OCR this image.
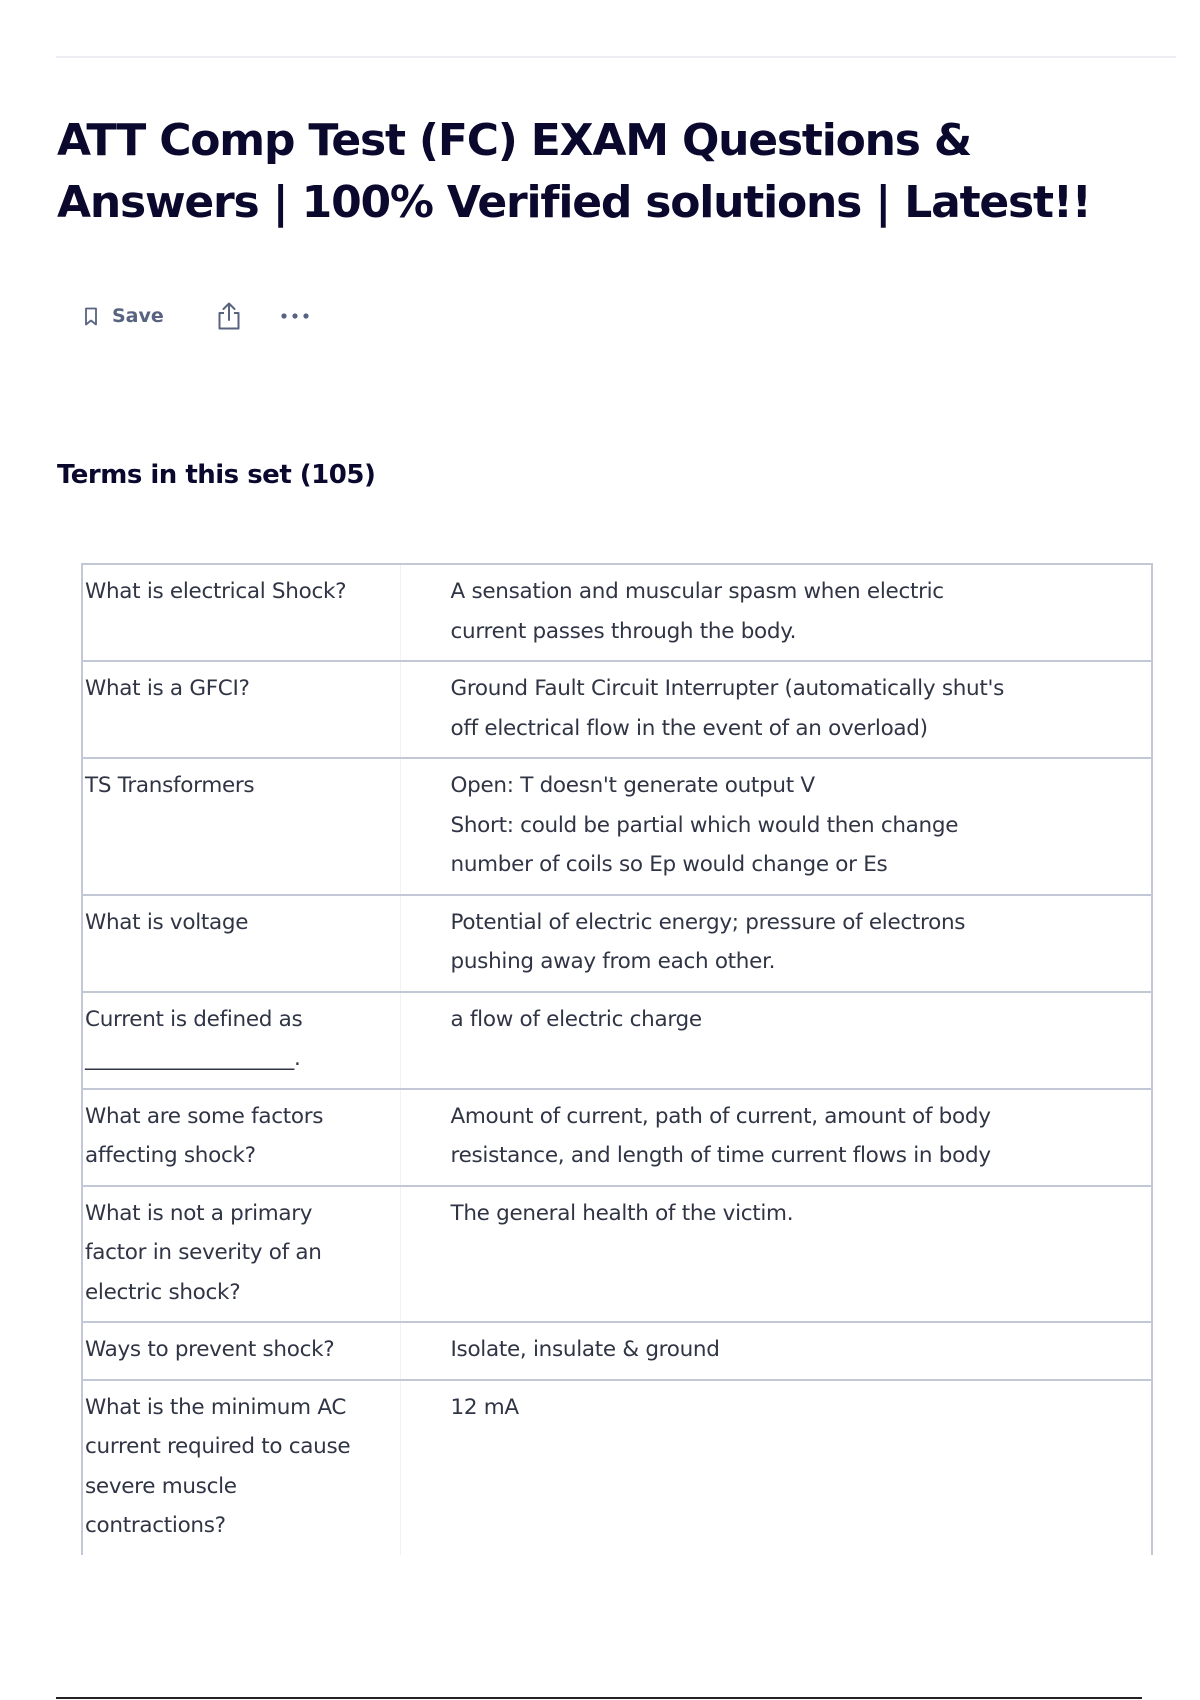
ATT Comp Test (FC) EXAM Questions & Answers | 100% Verified solutions | Latest!!
Save
Terms in this set (105)
What is electrical Shock?	A sensation and muscular spasm when electric
current passes through the body.
What is a GFCI?	Ground Fault Circuit Interrupter (automatically shut's
off electrical flow in the event of an overload)
TS Transformers	Open: T doesn't generate output V
Short: could be partial which would then change
number of coils so Ep would change or Es
What is voltage	Potential of electric energy; pressure of electrons
pushing away from each other.
Current is defined as
____________________.	a flow of electric charge
What are some factors
affecting shock?	Amount of current, path of current, amount of body
resistance, and length of time current flows in body
What is not a primary
factor in severity of an
electric shock?	The general health of the victim.
Ways to prevent shock?	Isolate, insulate & ground
What is the minimum AC
current required to cause
severe muscle
contractions?	12 mA
